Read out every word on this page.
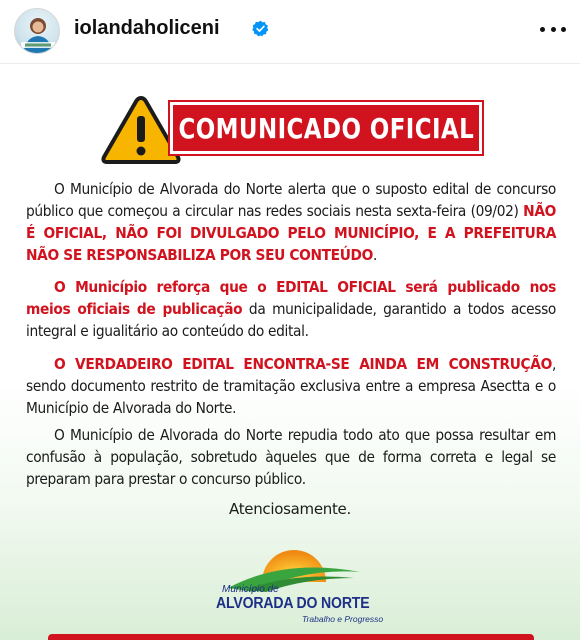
iolandaholiceni
COMUNICADO OFICIAL
O Município de Alvorada do Norte alerta que o suposto edital de concurso público que começou a circular nas redes sociais nesta sexta-feira (09/02) NÃO É OFICIAL, NÃO FOI DIVULGADO PELO MUNICÍPIO, E A PREFEITURA NÃO SE RESPONSABILIZA POR SEU CONTEÚDO.
O Município reforça que o EDITAL OFICIAL será publicado nos meios oficiais de publicação da municipalidade, garantido a todos acesso integral e igualitário ao conteúdo do edital.
O VERDADEIRO EDITAL ENCONTRA-SE AINDA EM CONSTRUÇÃO, sendo documento restrito de tramitação exclusiva entre a empresa Asectta e o Município de Alvorada do Norte.
O Município de Alvorada do Norte repudia todo ato que possa resultar em confusão à população, sobretudo àqueles que de forma correta e legal se preparam para prestar o concurso público.
Atenciosamente.
Município de
ALVORADA DO NORTE
Trabalho e Progresso
